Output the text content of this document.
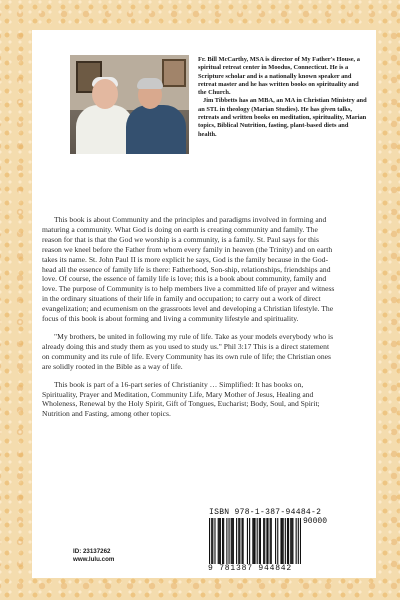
Fr. Bill McCarthy, MSA is director of My Father's House, a spiritual retreat center in Moodus, Connecticut. He is a Scripture scholar and is a nationally known speaker and retreat master and he has written books on spirituality and the Church.

Jim Tibbetts has an MBA, an MA in Christian Ministry and an STL in theology (Marian Studies). He has given talks, retreats and written books on meditation, spirituality, Marian topics, Biblical Nutrition, fasting, plant-based diets and health.

This book is about Community and the principles and paradigms involved in forming and maturing a community. What God is doing on earth is creating community and family. The reason for that is that the God we worship is a community, is a family. St. Paul says for this reason we kneel before the Father from whom every family in heaven (the Trinity) and on earth takes its name. St. John Paul II is more explicit he says, God is the family because in the God-head all the essence of family life is there: Fatherhood, Son-ship, relationships, friendships and love. Of course, the essence of family life is love; this is a book about community, family and love. The purpose of Community is to help members live a committed life of prayer and witness in the ordinary situations of their life in family and occupation; to carry out a work of direct evangelization; and ecumenism on the grassroots level and developing a Christian lifestyle. The focus of this book is about forming and living a community lifestyle and spirituality.

"My brothers, be united in following my rule of life. Take as your models everybody who is already doing this and study them as you used to study us." Phil 3:17 This is a direct statement on community and its rule of life. Every Community has its own rule of life; the Christian ones are solidly rooted in the Bible as a way of life.

This book is part of a 16-part series of Christianity … Simplified: It has books on, Spirituality, Prayer and Meditation, Community Life, Mary Mother of Jesus, Healing and Wholeness, Renewal by the Holy Spirit, Gift of Tongues, Eucharist; Body, Soul, and Spirit; Nutrition and Fasting, among other topics.

ID: 23137262
www.lulu.com
ISBN 978-1-387-94484-2
90000
9 781387 944842
